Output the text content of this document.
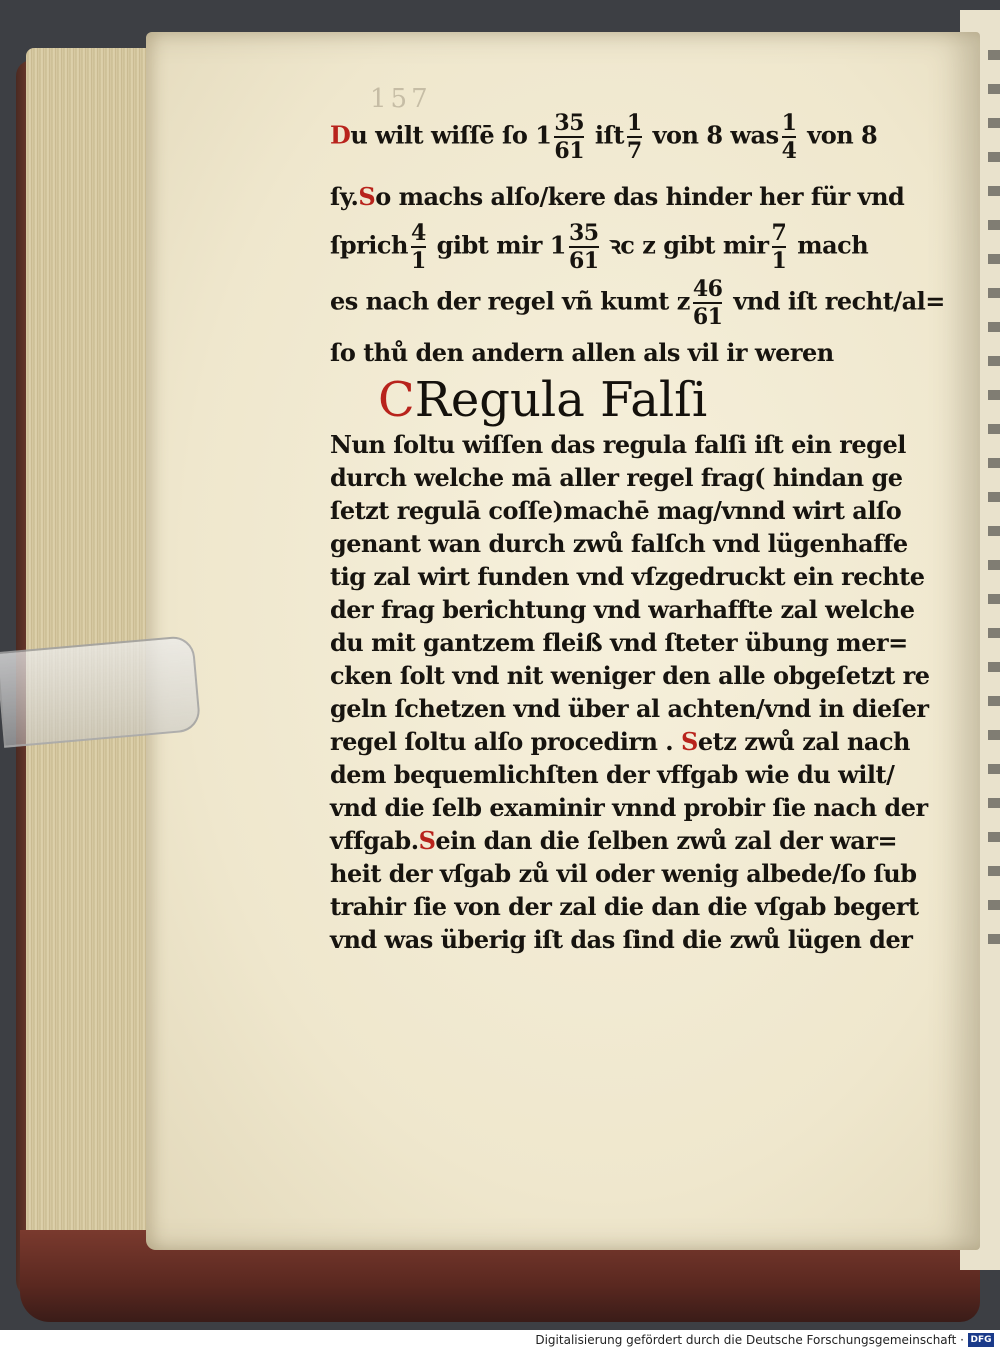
157
Du wilt wiſſē ſo $1 \frac{35}{61}$ iſt $\frac{1}{7}$ von 8 was $\frac{1}{4}$ von 8
ſy.So machs alſo/kere das hinder her für vnd
ſprich $\frac{4}{1}$ gibt mir $1 \frac{35}{61}$ ꝛc z gibt mir $\frac{7}{1}$ mach
es nach der regel vñ kumt z $\frac{46}{61}$ vnd iſt recht/al=
ſo thů den andern allen als vil ir weren
CRegula Falſi
Nun ſoltu wiſſen das regula falſi iſt ein regel
durch welche mā aller regel frag( hindan ge
ſetzt regulā coſſe)machē mag/vnnd wirt alſo
genant wan durch zwů falſch vnd lügenhaffe
tig zal wirt funden vnd vſzgedruckt ein rechte
der frag berichtung vnd warhaffte zal welche
du mit gantzem fleiß vnd ſteter übung mer=
cken ſolt vnd nit weniger den alle obgeſetzt re
geln ſchetzen vnd über al achten/vnd in dieſer
regel ſoltu alſo procedirn . Setz zwů zal nach
dem bequemlichſten der vffgab wie du wilt/
vnd die ſelb examinir vnnd probir ſie nach der
vffgab.Sein dan die ſelben zwů zal der war=
heit der vſgab zů vil oder wenig albede/ſo ſub
trahir ſie von der zal die dan die vſgab begert
vnd was überig iſt das ſind die zwů lügen der
Digitalisierung gefördert durch die Deutsche Forschungsgemeinschaft · DFG
